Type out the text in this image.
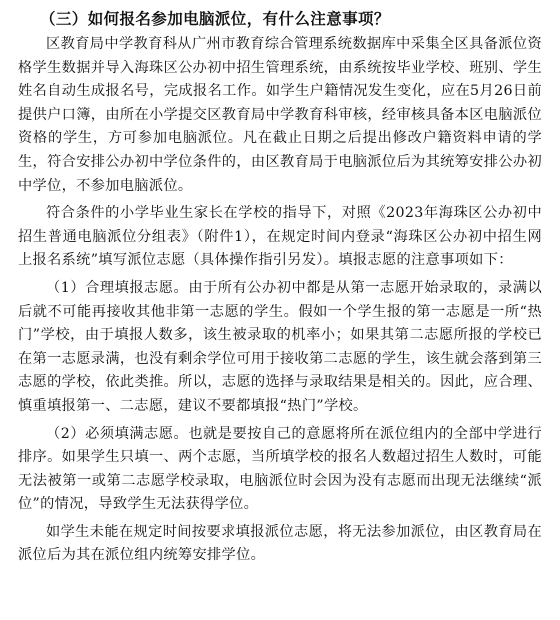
（三）如何报名参加电脑派位，有什么注意事项？

区教育局中学教育科从广州市教育综合管理系统数据库中采集全区具备派位资格学生数据并导入海珠区公办初中招生管理系统，由系统按毕业学校、班别、学生姓名自动生成报名号，完成报名工作。如学生户籍情况发生变化，应在5月26日前提供户口簿，由所在小学提交区教育局中学教育科审核，经审核具备本区电脑派位资格的学生，方可参加电脑派位。凡在截止日期之后提出修改户籍资料申请的学生，符合安排公办初中学位条件的，由区教育局于电脑派位后为其统筹安排公办初中学位，不参加电脑派位。

符合条件的小学毕业生家长在学校的指导下，对照《2023年海珠区公办初中招生普通电脑派位分组表》（附件1），在规定时间内登录“海珠区公办初中招生网上报名系统”填写派位志愿（具体操作指引另发）。填报志愿的注意事项如下：

（1）合理填报志愿。由于所有公办初中都是从第一志愿开始录取的，录满以后就不可能再接收其他非第一志愿的学生。假如一个学生报的第一志愿是一所“热门”学校，由于填报人数多，该生被录取的机率小；如果其第二志愿所报的学校已在第一志愿录满，也没有剩余学位可用于接收第二志愿的学生，该生就会落到第三志愿的学校，依此类推。所以，志愿的选择与录取结果是相关的。因此，应合理、慎重填报第一、二志愿，建议不要都填报“热门”学校。

（2）必须填满志愿。也就是要按自己的意愿将所在派位组内的全部中学进行排序。如果学生只填一、两个志愿，当所填学校的报名人数超过招生人数时，可能无法被第一或第二志愿学校录取，电脑派位时会因为没有志愿而出现无法继续“派位”的情况，导致学生无法获得学位。

如学生未能在规定时间按要求填报派位志愿，将无法参加派位，由区教育局在派位后为其在派位组内统筹安排学位。
